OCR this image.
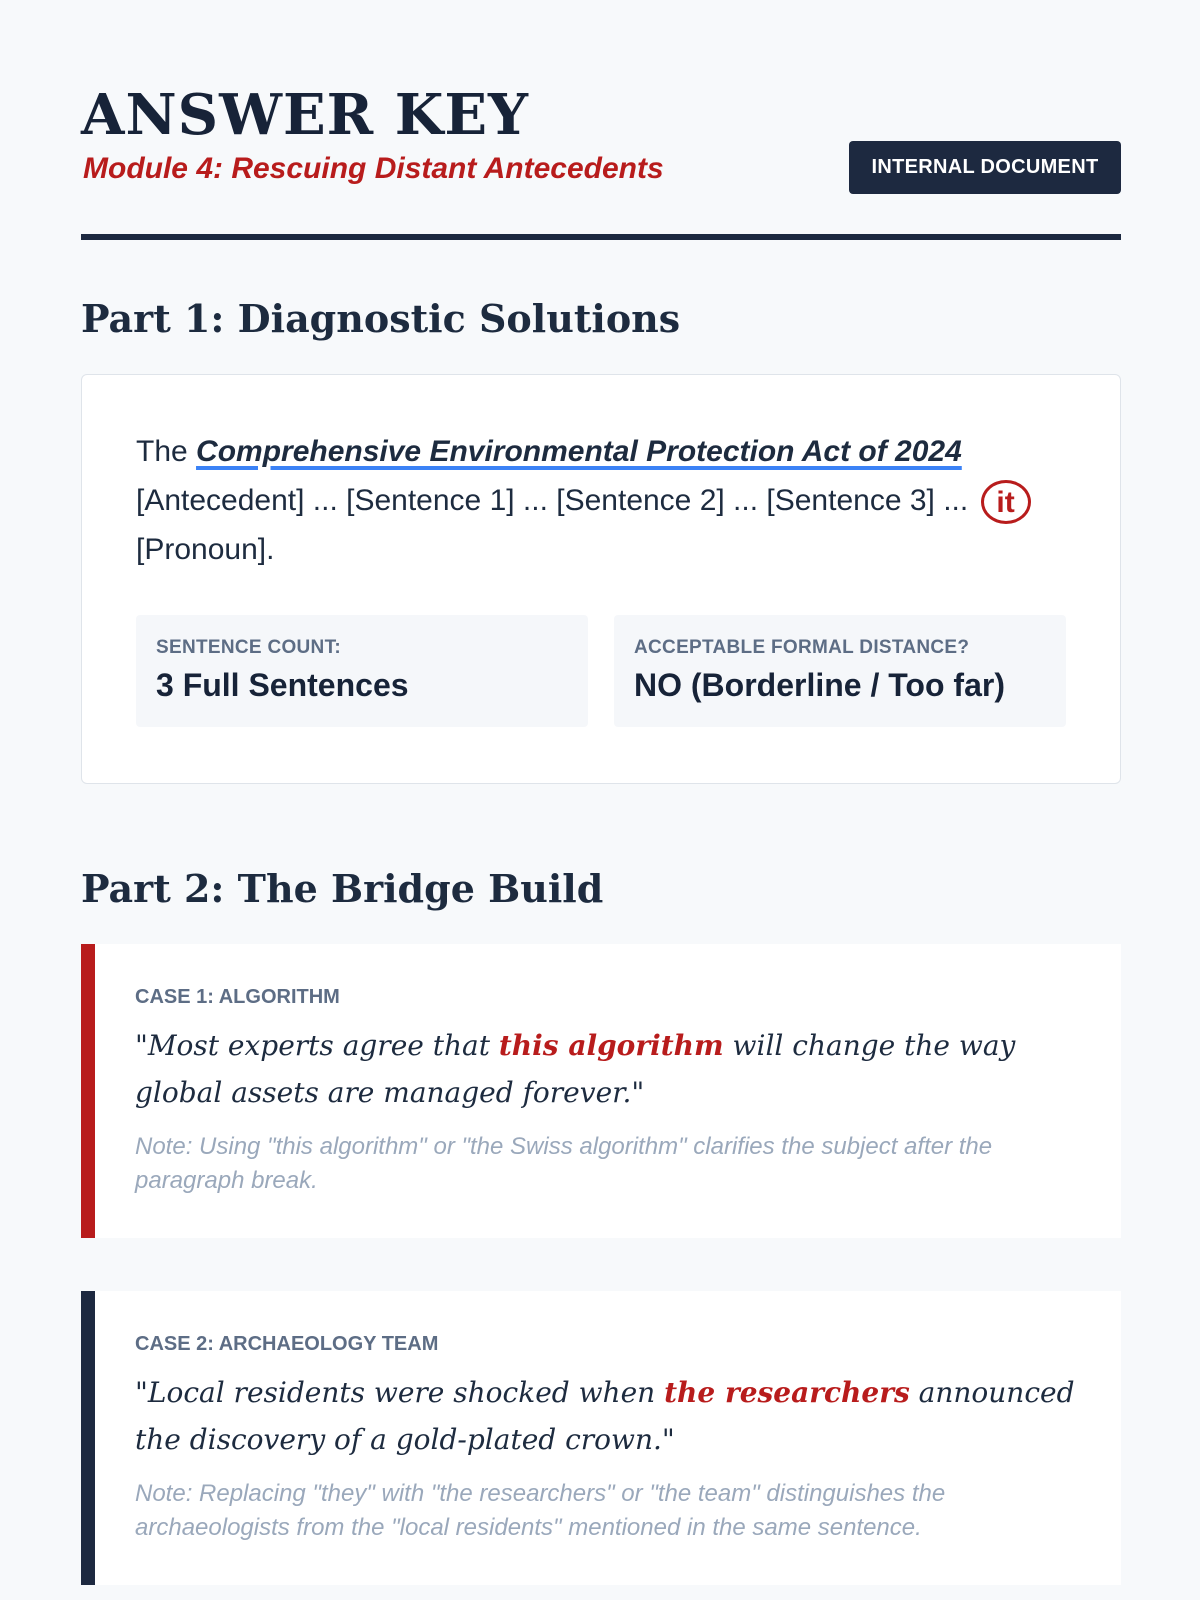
ANSWER KEY

Module 4: Rescuing Distant Antecedents	INTERNAL DOCUMENT
Part 1: Diagnostic Solutions
The Comprehensive Environmental Protection Act of 2024 [Antecedent] ... [Sentence 1] ... [Sentence 2] ... [Sentence 3] ... it [Pronoun].
SENTENCE COUNT:
3 Full Sentences
ACCEPTABLE FORMAL DISTANCE?
NO (Borderline / Too far)
Part 2: The Bridge Build
CASE 1: ALGORITHM
"Most experts agree that this algorithm will change the way global assets are managed forever."
Note: Using "this algorithm" or "the Swiss algorithm" clarifies the subject after the paragraph break.
CASE 2: ARCHAEOLOGY TEAM
"Local residents were shocked when the researchers announced the discovery of a gold-plated crown."
Note: Replacing "they" with "the researchers" or "the team" distinguishes the archaeologists from the "local residents" mentioned in the same sentence.
